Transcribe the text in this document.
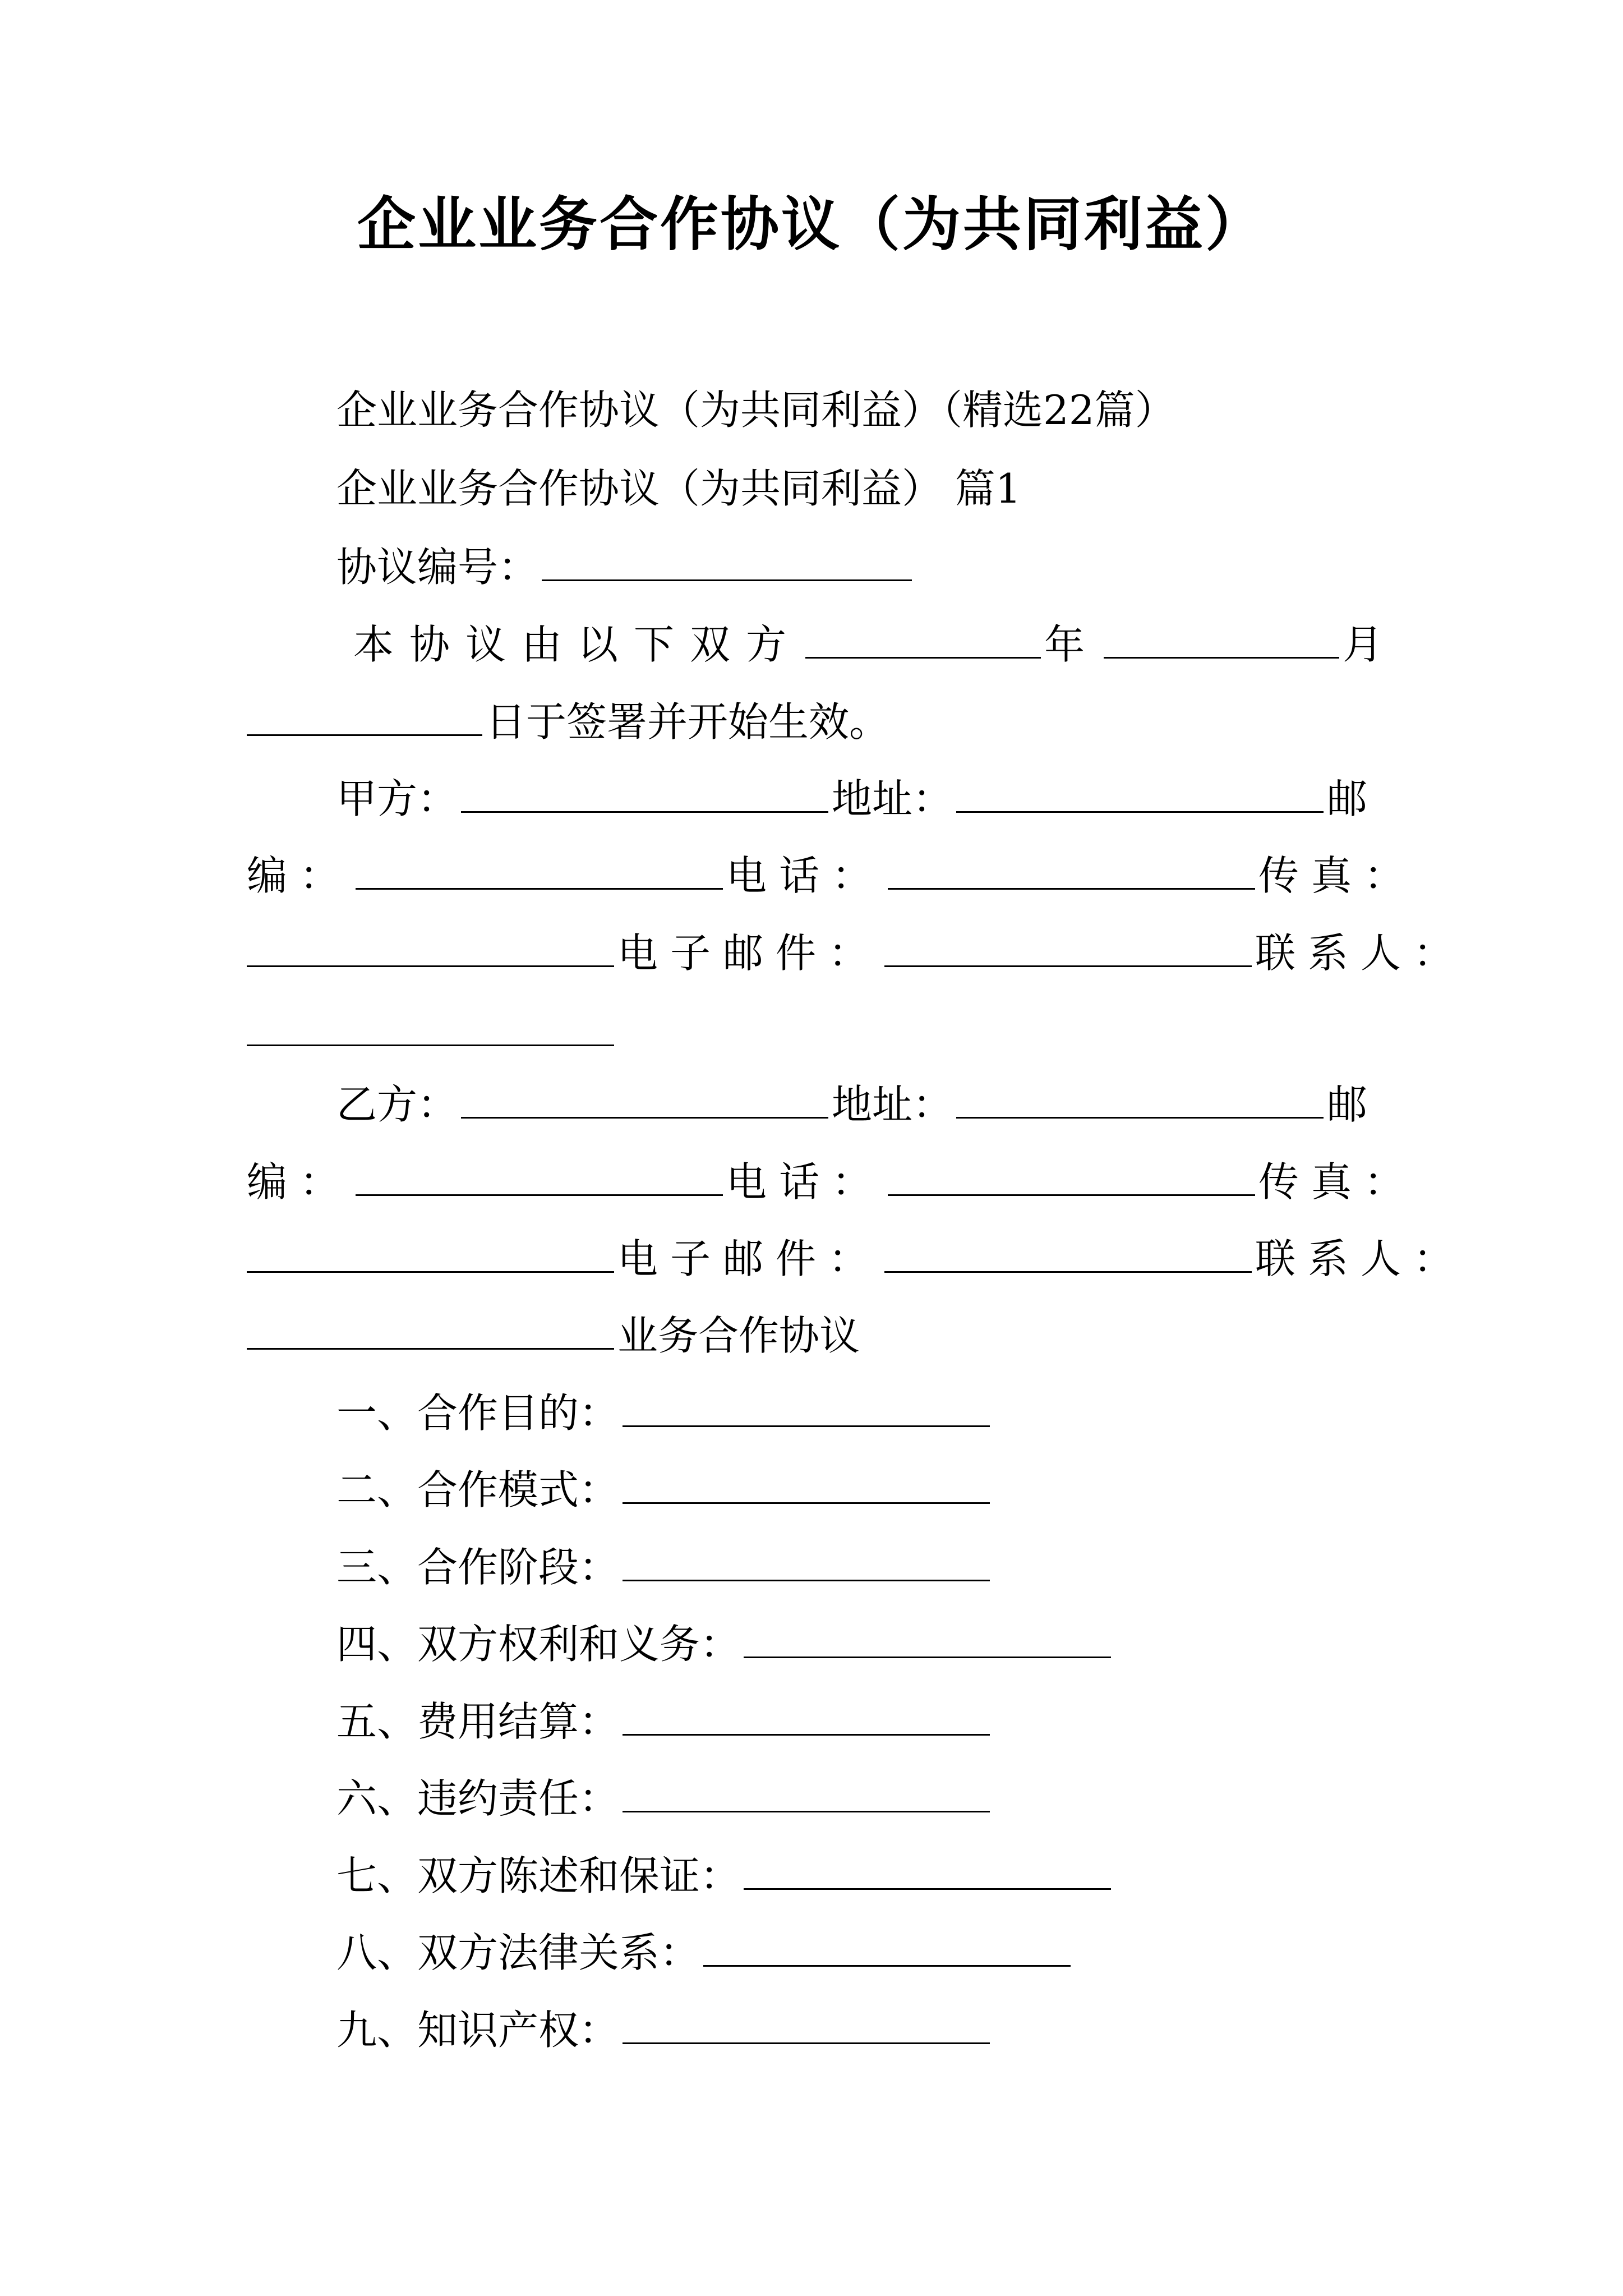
企业业务合作协议（为共同利益）
企业业务合作协议（为共同利益）（精选22篇）
企业业务合作协议（为共同利益） 篇1
协议编号：
本协议由以下双方	年	月
日于签署并开始生效。
甲方：	地址：	邮
编：	电话：	传真：
电子邮件：	联系人：
乙方：	地址：	邮
编：	电话：	传真：
电子邮件：	联系人：
业务合作协议
一、合作目的：
二、合作模式：
三、合作阶段：
四、双方权利和义务：
五、费用结算：
六、违约责任：
七、双方陈述和保证：
八、双方法律关系：
九、知识产权：
